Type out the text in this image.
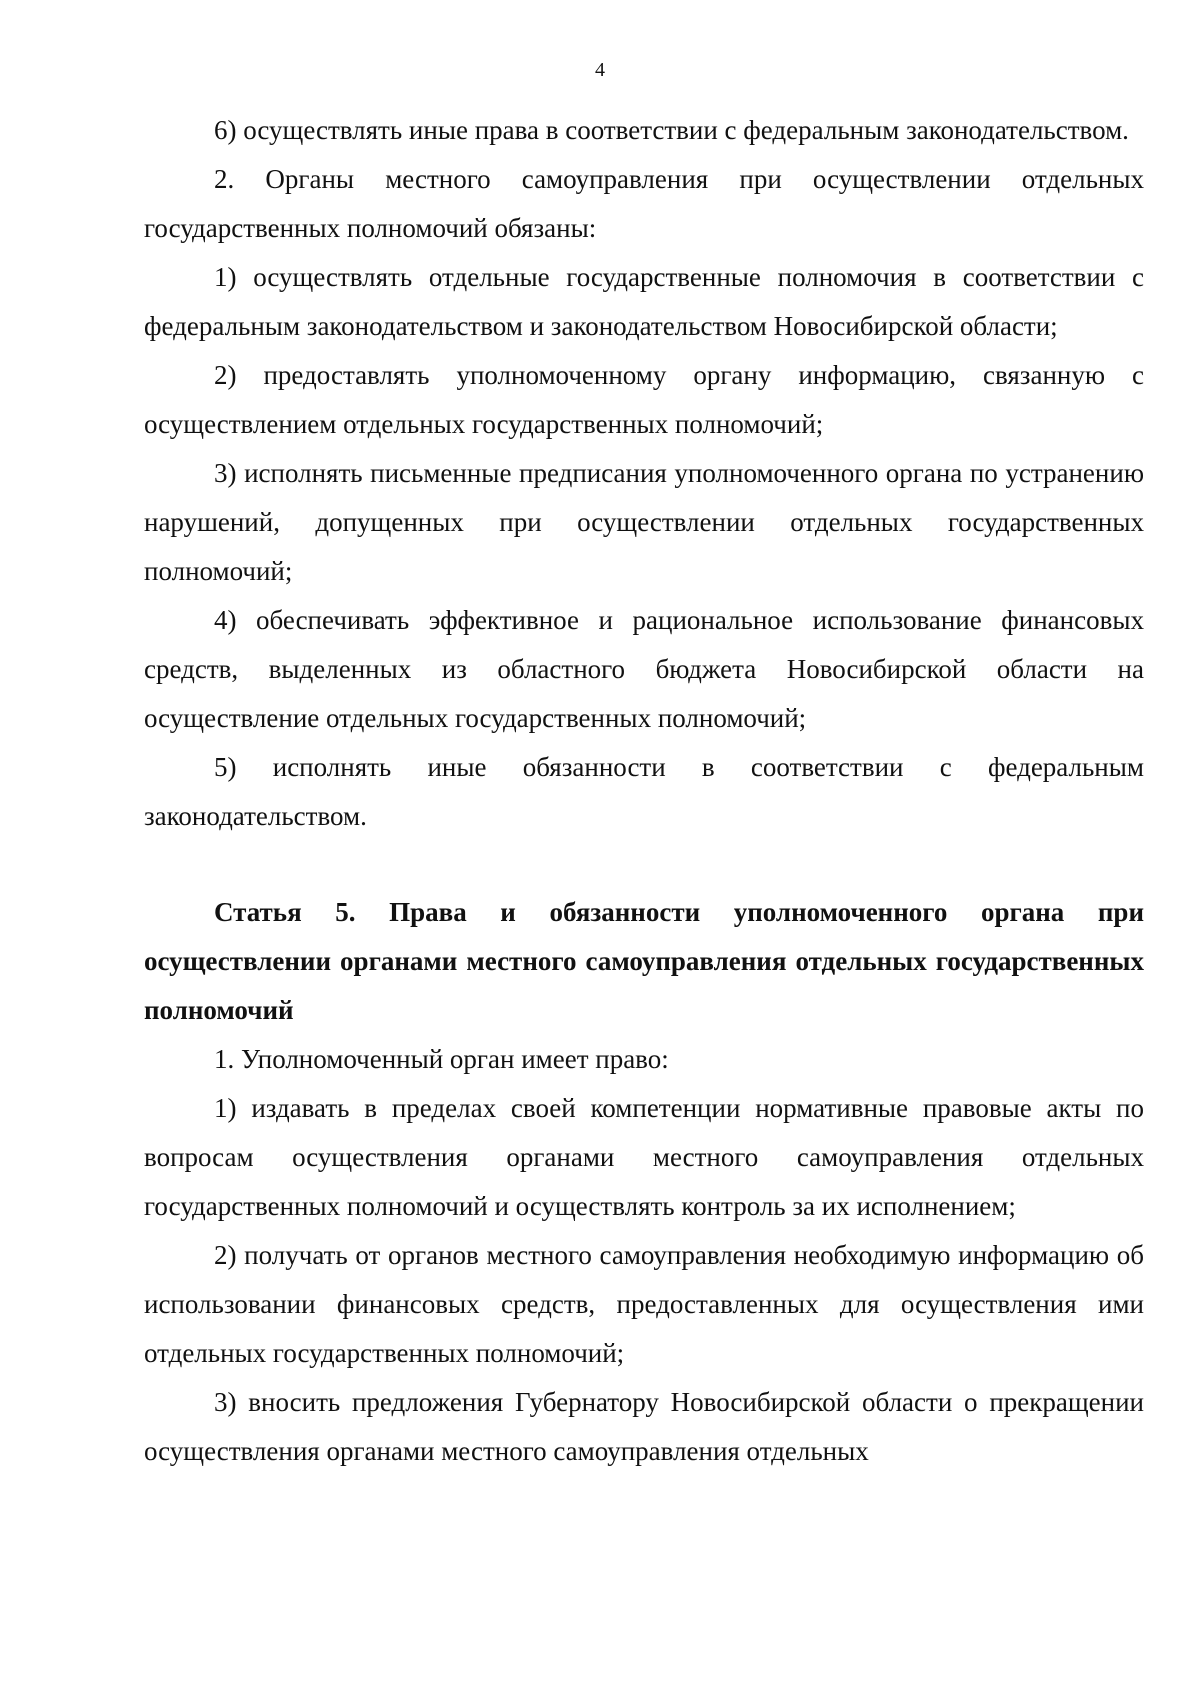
4

6) осуществлять иные права в соответствии с федеральным законодательством.

2. Органы местного самоуправления при осуществлении отдельных государственных полномочий обязаны:

1) осуществлять отдельные государственные полномочия в соответствии с федеральным законодательством и законодательством Новосибирской области;

2) предоставлять уполномоченному органу информацию, связанную с осуществлением отдельных государственных полномочий;

3) исполнять письменные предписания уполномоченного органа по устранению нарушений, допущенных при осуществлении отдельных государственных полномочий;

4) обеспечивать эффективное и рациональное использование финансовых средств, выделенных из областного бюджета Новосибирской области на осуществление отдельных государственных полномочий;

5) исполнять иные обязанности в соответствии с федеральным законодательством.

Статья 5. Права и обязанности уполномоченного органа при осуществлении органами местного самоуправления отдельных государственных полномочий

1. Уполномоченный орган имеет право:

1) издавать в пределах своей компетенции нормативные правовые акты по вопросам осуществления органами местного самоуправления отдельных государственных полномочий и осуществлять контроль за их исполнением;

2) получать от органов местного самоуправления необходимую информацию об использовании финансовых средств, предоставленных для осуществления ими отдельных государственных полномочий;

3) вносить предложения Губернатору Новосибирской области о прекращении осуществления органами местного самоуправления отдельных
